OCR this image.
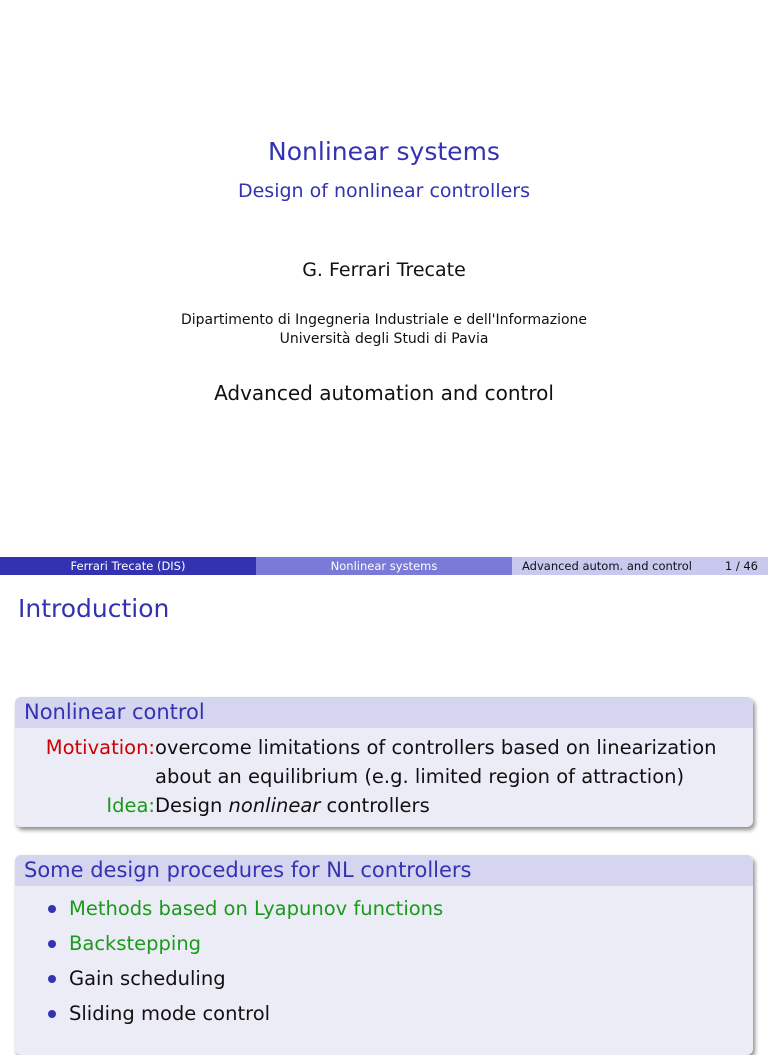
Nonlinear systems
Design of nonlinear controllers
G. Ferrari Trecate
Dipartimento di Ingegneria Industriale e dell'Informazione
Università degli Studi di Pavia
Advanced automation and control
Ferrari Trecate (DIS)	Nonlinear systems	Advanced autom. and control	1 / 46
Introduction
Nonlinear control
Motivation: overcome limitations of controllers based on linearization
about an equilibrium (e.g. limited region of attraction)
Idea: Design nonlinear controllers
Some design procedures for NL controllers
Methods based on Lyapunov functions
Backstepping
Gain scheduling
Sliding mode control
